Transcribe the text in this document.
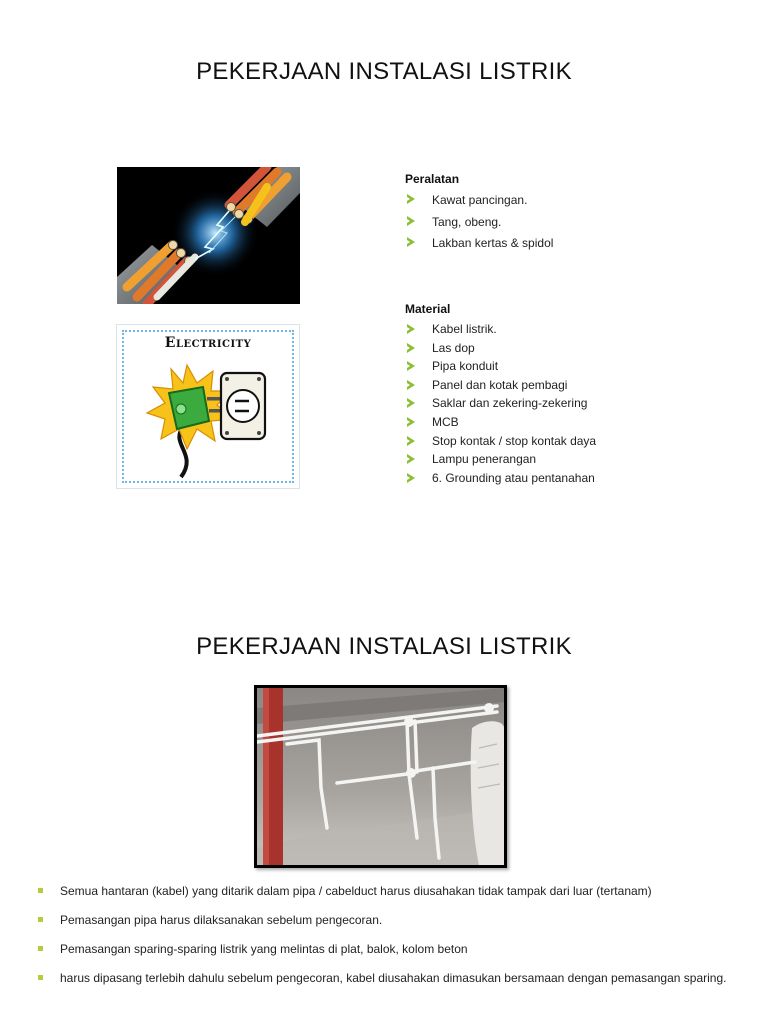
PEKERJAAN INSTALASI LISTRIK
Electricity
Peralatan
Kawat pancingan.
Tang, obeng.
Lakban kertas & spidol
Material
Kabel listrik.
Las dop
Pipa konduit
Panel dan kotak pembagi
Saklar dan zekering-zekering
MCB
Stop kontak / stop kontak daya
Lampu penerangan
6. Grounding atau pentanahan
PEKERJAAN INSTALASI LISTRIK
Semua hantaran (kabel) yang ditarik dalam pipa / cabelduct harus diusahakan tidak tampak dari luar (tertanam)
Pemasangan pipa harus dilaksanakan sebelum pengecoran.
Pemasangan sparing-sparing listrik yang melintas di plat, balok, kolom beton
harus dipasang terlebih dahulu sebelum pengecoran, kabel diusahakan dimasukan bersamaan dengan pemasangan sparing.
